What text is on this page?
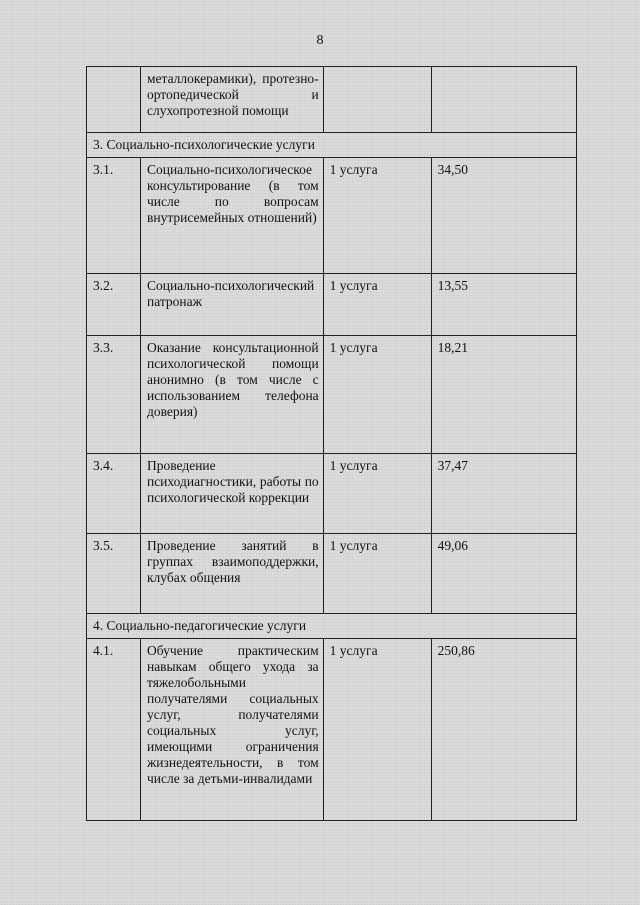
8
	металлокерамики), протезно-ортопедической и слухопротезной помощи		
3. Социально-психологические услуги			
3.1.	Социально-психологическое консультирование (в том числе по вопросам внутрисемейных отношений)	1 услуга	34,50
3.2.	Социально-психологический патронаж	1 услуга	13,55
3.3.	Оказание консультационной психологической помощи анонимно (в том числе с использованием телефона доверия)	1 услуга	18,21
3.4.	Проведение психодиагностики, работы по психологической коррекции	1 услуга	37,47
3.5.	Проведение занятий в группах взаимоподдержки, клубах общения	1 услуга	49,06
4. Социально-педагогические услуги			
4.1.	Обучение практическим навыкам общего ухода за тяжелобольными получателями социальных услуг, получателями социальных услуг, имеющими ограничения жизнедеятельности, в том числе за детьми-инвалидами	1 услуга	250,86
